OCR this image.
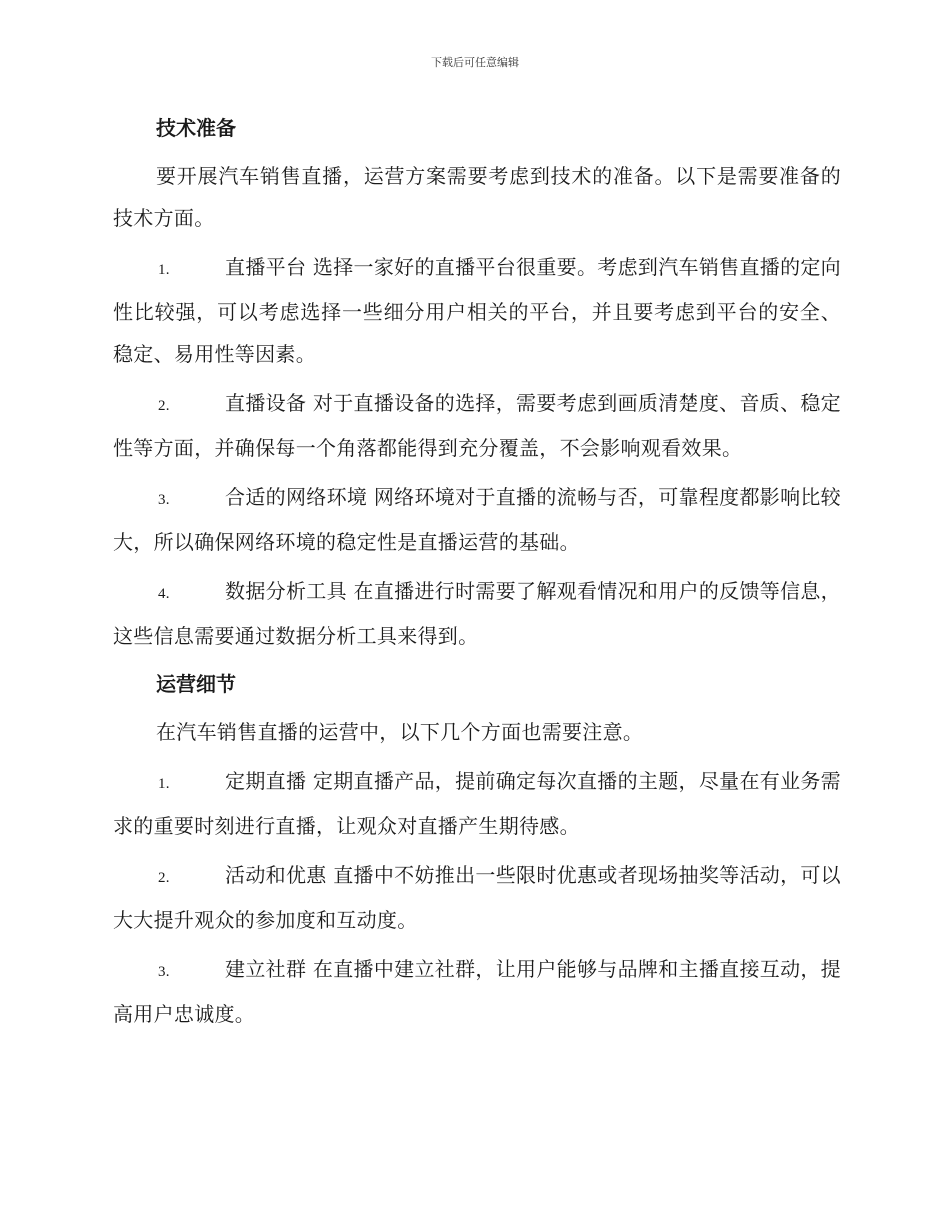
下载后可任意编辑
技术准备

要开展汽车销售直播，运营方案需要考虑到技术的准备。以下是需要准备的技术方面。

1.	直播平台 选择一家好的直播平台很重要。考虑到汽车销售直播的定向性比较强，可以考虑选择一些细分用户相关的平台，并且要考虑到平台的安全、稳定、易用性等因素。

2.	直播设备 对于直播设备的选择，需要考虑到画质清楚度、音质、稳定性等方面，并确保每一个角落都能得到充分覆盖，不会影响观看效果。

3.	合适的网络环境 网络环境对于直播的流畅与否，可靠程度都影响比较大，所以确保网络环境的稳定性是直播运营的基础。

4.	数据分析工具 在直播进行时需要了解观看情况和用户的反馈等信息，这些信息需要通过数据分析工具来得到。

运营细节

在汽车销售直播的运营中，以下几个方面也需要注意。

1.	定期直播 定期直播产品，提前确定每次直播的主题，尽量在有业务需求的重要时刻进行直播，让观众对直播产生期待感。

2.	活动和优惠 直播中不妨推出一些限时优惠或者现场抽奖等活动，可以大大提升观众的参加度和互动度。

3.	建立社群 在直播中建立社群，让用户能够与品牌和主播直接互动，提高用户忠诚度。
